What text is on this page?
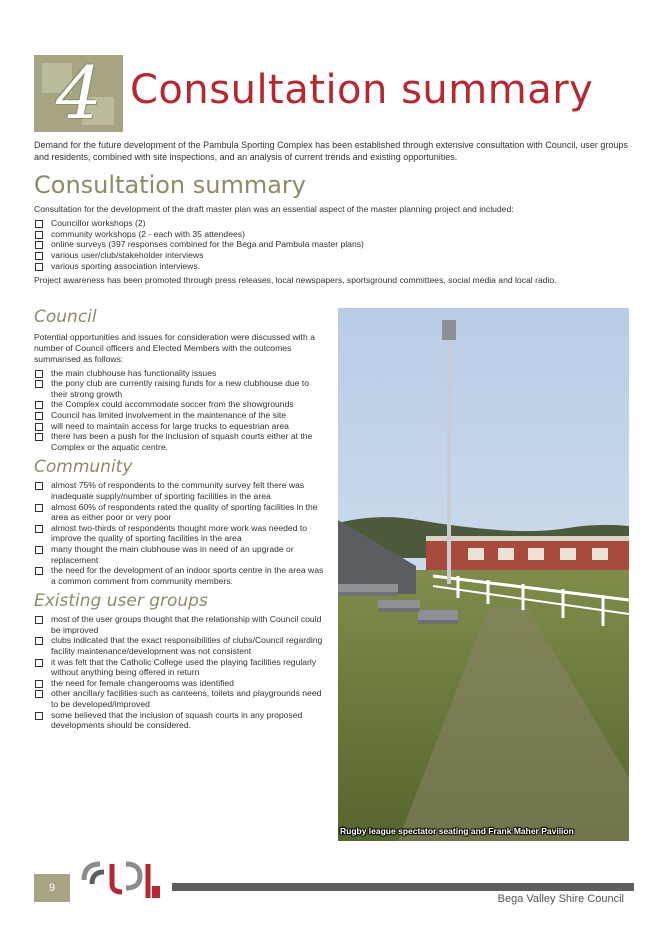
4 Consultation summary
Demand for the future development of the Pambula Sporting Complex has been established through extensive consultation with Council, user groups and residents, combined with site inspections, and an analysis of current trends and existing opportunities.
Consultation summary

Consultation for the development of the draft master plan was an essential aspect of the master planning project and included:

Councillor workshops (2)
community workshops (2 - each with 35 attendees)
online surveys (397 responses combined for the Bega and Pambula master plans)
various user/club/stakeholder interviews
various sporting association interviews.

Project awareness has been promoted through press releases, local newspapers, sportsground committees, social media and local radio.

Council

Potential opportunities and issues for consideration were discussed with a number of Council officers and Elected Members with the outcomes summarised as follows:

the main clubhouse has functionality issues
the pony club are currently raising funds for a new clubhouse due to their strong growth
the Complex could accommodate soccer from the showgrounds
Council has limited involvement in the maintenance of the site
will need to maintain access for large trucks to equestrian area
there has been a push for the inclusion of squash courts either at the Complex or the aquatic centre.
Community
almost 75% of respondents to the community survey felt there was inadequate supply/number of sporting facilities in the area
almost 60% of respondents rated the quality of sporting facilities in the area as either poor or very poor
almost two-thirds of respondents thought more work was needed to improve the quality of sporting facilities in the area
many thought the main clubhouse was in need of an upgrade or replacement
the need for the development of an indoor sports centre in the area was a common comment from community members.
Existing user groups
most of the user groups thought that the relationship with Council could be improved
clubs indicated that the exact responsibilities of clubs/Council regarding facility maintenance/development was not consistent
it was felt that the Catholic College used the playing facilities regularly without anything being offered in return
the need for female changerooms was identified
other ancillary facilities such as canteens, toilets and playgrounds need to be developed/improved
some believed that the inclusion of squash courts in any proposed developments should be considered.
Rugby league spectator seating and Frank Maher Pavilion
9
Bega Valley Shire Council
